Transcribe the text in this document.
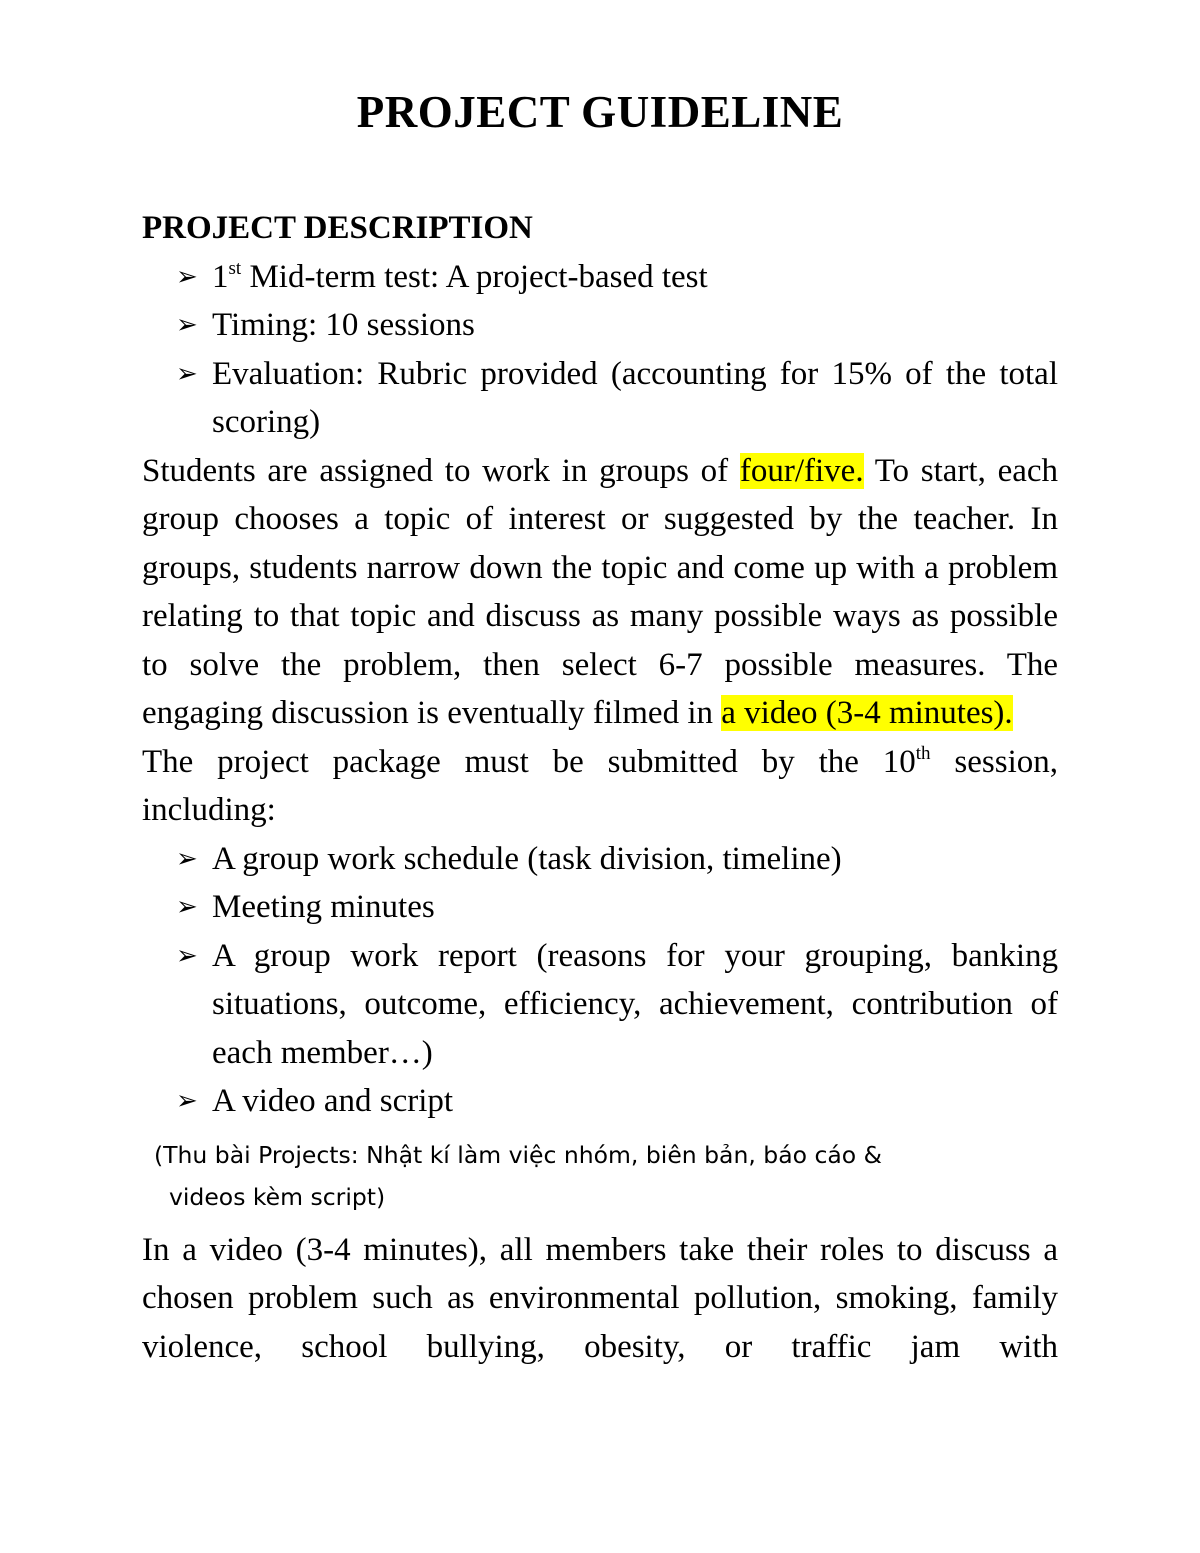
PROJECT GUIDELINE
PROJECT DESCRIPTION
➢ 1st Mid-term test: A project-based test
➢ Timing: 10 sessions
➢ Evaluation: Rubric provided (accounting for 15% of the total scoring)

Students are assigned to work in groups of four/five. To start, each group chooses a topic of interest or suggested by the teacher. In groups, students narrow down the topic and come up with a problem relating to that topic and discuss as many possible ways as possible to solve the problem, then select 6-7 possible measures. The engaging discussion is eventually filmed in a video (3-4 minutes).

The project package must be submitted by the 10th session, including:

➢ A group work schedule (task division, timeline)
➢ Meeting minutes
➢ A group work report (reasons for your grouping, banking situations, outcome, efficiency, achievement, contribution of each member…)
➢ A video and script
(Thu bài Projects: Nhật kí làm việc nhóm, biên bản, báo cáo &
videos kèm script)

In a video (3-4 minutes), all members take their roles to discuss a chosen problem such as environmental pollution, smoking, family violence, school bullying, obesity, or traffic jam with
